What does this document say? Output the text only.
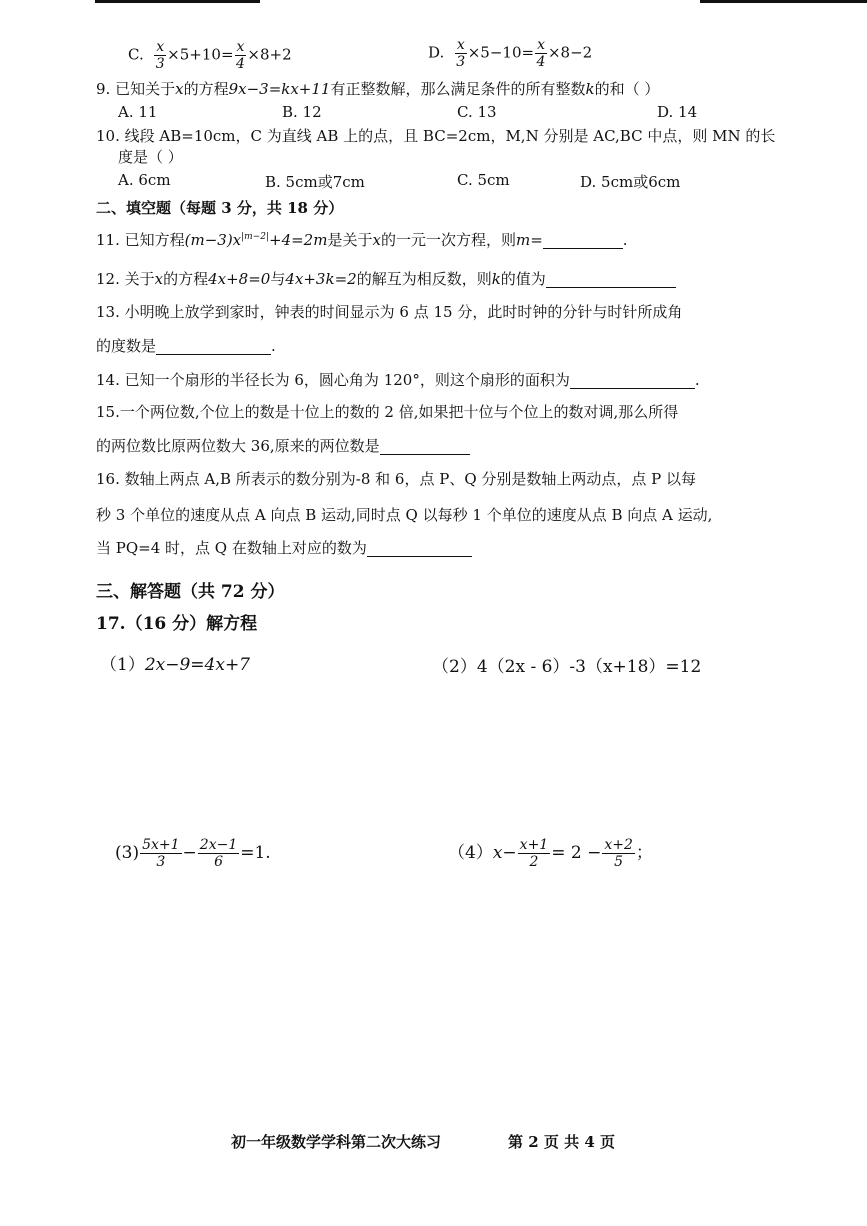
C. $\frac{x}{3} \times 5+10= \frac{x}{4} \times 8+2$	D. $\frac{x}{3} \times 5-10= \frac{x}{4} \times 8-2$
9. 已知关于x的方程9x−3=kx+11有正整数解，那么满足条件的所有整数k的和（ ）
A. 11	B. 12	C. 13	D. 14
10. 线段 AB=10cm，C 为直线 AB 上的点，且 BC=2cm，M,N 分别是 AC,BC 中点，则 MN 的长
度是（ ）
A. 6cm	B. 5cm或7cm	C. 5cm	D. 5cm或6cm
二、填空题（每题 3 分，共 18 分）
11. 已知方程$(m-3)x^{|m-2|}+4=2m$是关于x的一元一次方程，则m=	.
12. 关于x的方程4x+8=0与4x+3k=2的解互为相反数，则k的值为
13. 小明晚上放学到家时，钟表的时间显示为 6 点 15 分，此时时钟的分针与时针所成角
的度数是	.
14. 已知一个扇形的半径长为 6，圆心角为 120°，则这个扇形的面积为	.
15.一个两位数,个位上的数是十位上的数的 2 倍,如果把十位与个位上的数对调,那么所得
的两位数比原两位数大 36,原来的两位数是
16. 数轴上两点 A,B 所表示的数分别为-8 和 6，点 P、Q 分别是数轴上两动点，点 P 以每
秒 3 个单位的速度从点 A 向点 B 运动,同时点 Q 以每秒 1 个单位的速度从点 B 向点 A 运动,
当 PQ=4 时，点 Q 在数轴上对应的数为
三、解答题（共 72 分）
17.（16 分）解方程
（1）2x−9=4x+7	（2）4（2x - 6）-3（x+18）=12
$(3) \frac{5x+1}{3} - \frac{2x-1}{6} =1$.	$(4)x- \frac{x+1}{2} = 2 - \frac{x+2}{5}$ ；
初一年级数学学科第二次大练习	第 2 页 共 4 页
